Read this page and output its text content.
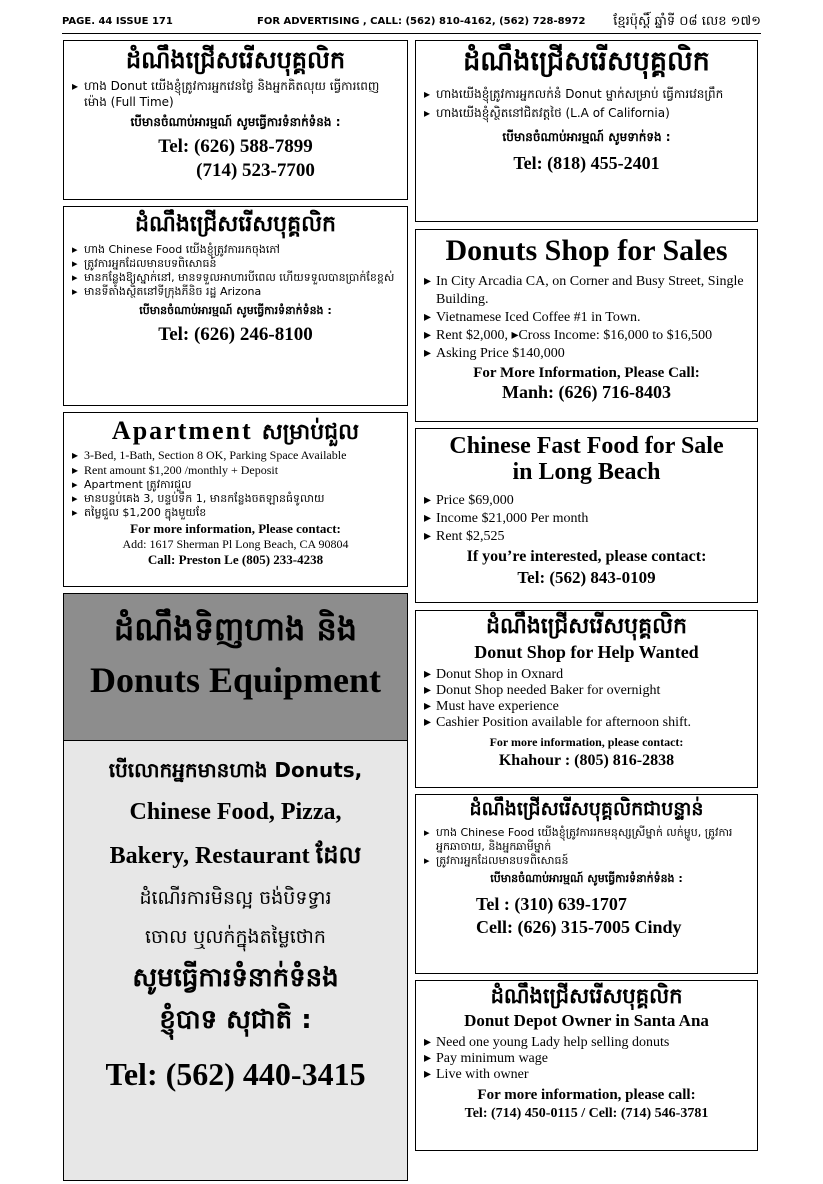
PAGE. 44 ISSUE 171	FOR ADVERTISING , CALL: (562) 810-4162, (562) 728-8972 ខ្មែរប៉ុស្តិ៍ ឆ្នាំទី ០៨ លេខ ១៧១
ដំណឹងជ្រើសរើសបុគ្គលិក
▸ ហាង Donut យើងខ្ញុំត្រូវការអ្នកវេនថ្ងៃ និងអ្នកគិតលុយ ធ្វើការពេញម៉ោង (Full Time)
បើមានចំណាប់អារម្មណ៍ សូមធ្វើការទំនាក់ទំនង :
Tel: (626) 588-7899
(714) 523-7700
ដំណឹងជ្រើសរើសបុគ្គលិក
▸ ហាងយើងខ្ញុំត្រូវការអ្នកលក់នំ Donut ម្នាក់សម្រាប់ ធ្វើការវេនព្រឹក
▸ ហាងយើងខ្ញុំស្ថិតនៅជិតវត្តថៃ (L.A of California)
បើមានចំណាប់អារម្មណ៍ សូមទាក់ទង :
Tel: (818) 455-2401
ដំណឹងជ្រើសរើសបុគ្គលិក
▸ ហាង Chinese Food យើងខ្ញុំត្រូវការរកចុងភៅ
▸ ត្រូវការអ្នកដែលមានបទពិសោធន៍
▸ មានកន្លែងឱ្យស្នាក់នៅ, មានទទួលអាហារបីពេល ហើយទទួលបានប្រាក់ខែខ្ពស់
▸ មានទីតាំងស្ថិតនៅទីក្រុងភីនិច រដ្ឋ Arizona
បើមានចំណាប់អារម្មណ៍ សូមធ្វើការទំនាក់ទំនង :
Tel: (626) 246-8100
Donuts Shop for Sales
▸ In City Arcadia CA, on Corner and Busy Street, Single Building.
▸ Vietnamese Iced Coffee #1 in Town.
▸ Rent $2,000, ▸Cross Income: $16,000 to $16,500
▸ Asking Price $140,000
For More Information, Please Call:
Manh: (626) 716-8403
Apartment សម្រាប់ជួល
▸ 3-Bed, 1-Bath, Section 8 OK, Parking Space Available
▸ Rent amount $1,200 /monthly + Deposit
▸ Apartment ត្រូវការជួល
▸ មានបន្ទប់គេង 3, បន្ទប់ទឹក 1, មានកន្លែងចតឡានធំទូលាយ
▸ តម្លៃជួល $1,200 ក្នុងមួយខែ
For more information, Please contact:
Add: 1617 Sherman Pl Long Beach, CA 90804
Call: Preston Le (805) 233-4238
Chinese Fast Food for Sale
in Long Beach
▸ Price $69,000
▸ Income $21,000 Per month
▸ Rent $2,525
If you’re interested, please contact:
Tel: (562) 843-0109
ដំណឹងទិញហាង និង
Donuts Equipment
បើលោកអ្នកមានហាង Donuts,
Chinese Food, Pizza,
Bakery, Restaurant ដែល
ដំណើរការមិនល្អ ចង់បិទទ្វារ
ចោល ឬលក់ក្នុងតម្លៃថោក
សូមធ្វើការទំនាក់ទំនង
ខ្ញុំបាទ សុជាតិ :
Tel: (562) 440-3415
ដំណឹងជ្រើសរើសបុគ្គលិក
Donut Shop for Help Wanted
▸ Donut Shop in Oxnard
▸ Donut Shop needed Baker for overnight
▸ Must have experience
▸ Cashier Position available for afternoon shift.
For more information, please contact:
Khahour : (805) 816-2838
ដំណឹងជ្រើសរើសបុគ្គលិកជាបន្ទាន់
▸ ហាង Chinese Food យើងខ្ញុំត្រូវការរកមនុស្សស្រីម្នាក់ លក់ម្ហូប, ត្រូវការអ្នកឆាចាយ, និងអ្នកឆាមីម្នាក់
▸ ត្រូវការអ្នកដែលមានបទពិសោធន៍
បើមានចំណាប់អារម្មណ៍ សូមធ្វើការទំនាក់ទំនង :
Tel : (310) 639-1707
Cell: (626) 315-7005 Cindy
ដំណឹងជ្រើសរើសបុគ្គលិក
Donut Depot Owner in Santa Ana
▸ Need one young Lady help selling donuts
▸ Pay minimum wage
▸ Live with owner
For more information, please call:
Tel: (714) 450-0115 / Cell: (714) 546-3781
